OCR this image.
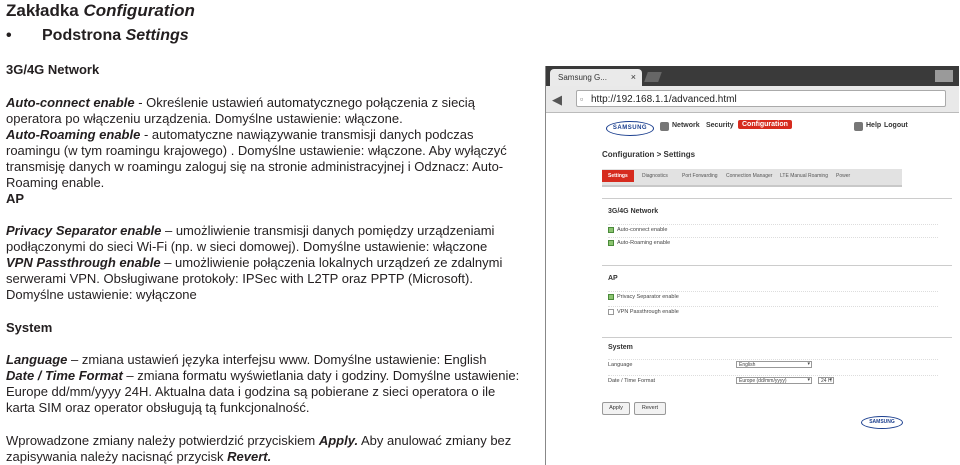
Zakładka Configuration
• Podstrona Settings
3G/4G Network
Auto-connect enable - Określenie ustawień automatycznego połączenia z siecią operatora po włączeniu urządzenia. Domyślne ustawienie: włączone.
Auto-Roaming enable - automatyczne nawiązywanie transmisji danych podczas roamingu (w tym roamingu krajowego) . Domyślne ustawienie: włączone. Aby wyłączyć transmisję danych w roamingu zaloguj się na stronie administracyjnej i Odznacz: Auto-Roaming enable.
AP
Privacy Separator enable – umożliwienie transmisji danych pomiędzy urządzeniami podłączonymi do sieci Wi-Fi (np. w sieci domowej). Domyślne ustawienie: włączone
VPN Passthrough enable – umożliwienie połączenia lokalnych urządzeń ze zdalnymi serwerami VPN. Obsługiwane protokoły: IPSec with L2TP oraz PPTP (Microsoft). Domyślne ustawienie: wyłączone
System
Language – zmiana ustawień języka interfejsu www. Domyślne ustawienie: English
Date / Time Format – zmiana formatu wyświetlania daty i godziny. Domyślne ustawienie: Europe dd/mm/yyyy 24H. Aktualna data i godzina są pobierane z sieci operatora o ile karta SIM oraz operator obsługują tą funkcjonalność.
Wprowadzone zmiany należy potwierdzić przyciskiem Apply. Aby anulować zmiany bez zapisywania należy nacisnąć przycisk Revert.
Samsung G...	×
◀ ▫ http://192.168.1.1/advanced.html
SAMSUNG	Network Security	Configuration	Help Logout
Configuration > Settings
Settings	Diagnostics	Port Forwarding Connection Manager LTE Manual Roaming Power
3G/4G Network
Auto-connect enable
Auto-Roaming enable
AP
Privacy Separator enable
VPN Passthrough enable
System
Language	English ▾
Date / Time Format	Europe (dd/mm/yyyy) ▾	24 H ▾
Apply	Revert
SAMSUNG
